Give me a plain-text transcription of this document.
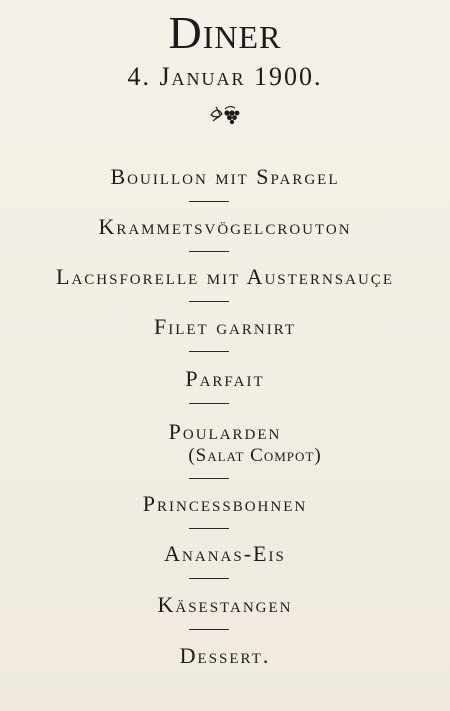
Diner
4. Januar 1900.
Bouillon mit Spargel
Krammetsvögelcrouton
Lachsforelle mit Austernsauçe
Filet garnirt
Parfait
Poularden
(Salat Compot)
Princessbohnen
Ananas-Eis
Käsestangen
Dessert.
